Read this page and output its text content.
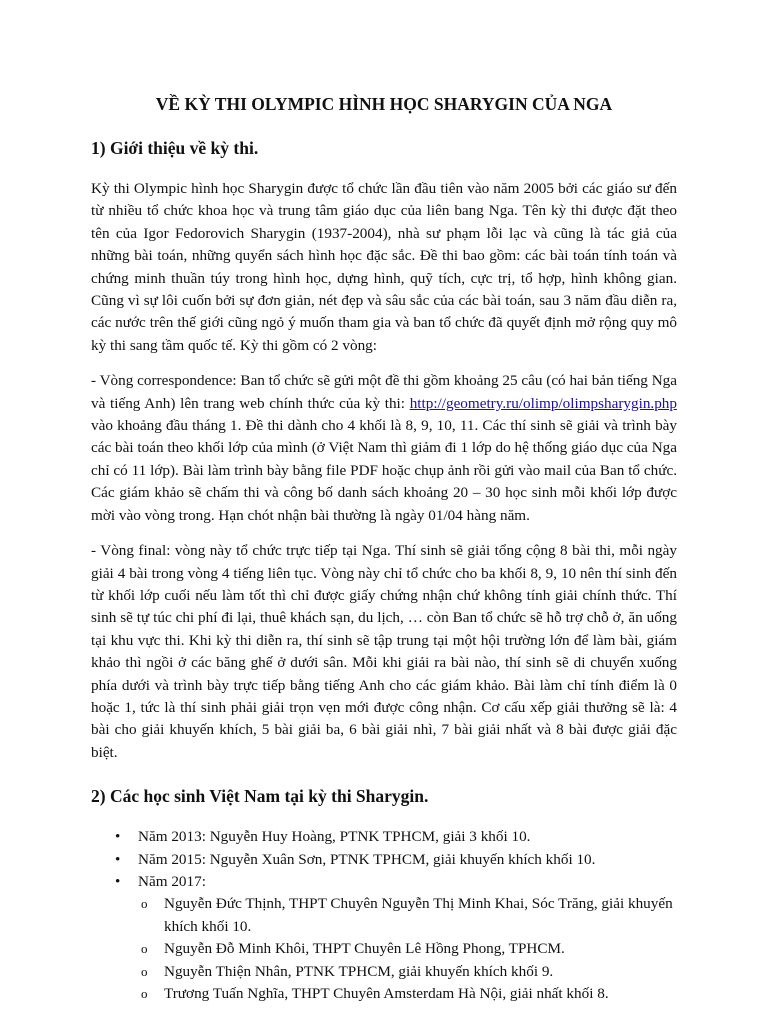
VỀ KỲ THI OLYMPIC HÌNH HỌC SHARYGIN CỦA NGA
1) Giới thiệu về kỳ thi.

Kỳ thi Olympic hình học Sharygin được tổ chức lần đầu tiên vào năm 2005 bởi các giáo sư đến từ nhiều tổ chức khoa học và trung tâm giáo dục của liên bang Nga. Tên kỳ thi được đặt theo tên của Igor Fedorovich Sharygin (1937-2004), nhà sư phạm lỗi lạc và cũng là tác giả của những bài toán, những quyển sách hình học đặc sắc. Đề thi bao gồm: các bài toán tính toán và chứng minh thuần túy trong hình học, dựng hình, quỹ tích, cực trị, tổ hợp, hình không gian. Cũng vì sự lôi cuốn bởi sự đơn giản, nét đẹp và sâu sắc của các bài toán, sau 3 năm đầu diễn ra, các nước trên thế giới cũng ngỏ ý muốn tham gia và ban tổ chức đã quyết định mở rộng quy mô kỳ thi sang tầm quốc tế. Kỳ thi gồm có 2 vòng:

- Vòng correspondence: Ban tổ chức sẽ gửi một đề thi gồm khoảng 25 câu (có hai bản tiếng Nga và tiếng Anh) lên trang web chính thức của kỳ thi: http://geometry.ru/olimp/olimpsharygin.php vào khoảng đầu tháng 1. Đề thi dành cho 4 khối là 8, 9, 10, 11. Các thí sinh sẽ giải và trình bày các bài toán theo khối lớp của mình (ở Việt Nam thì giảm đi 1 lớp do hệ thống giáo dục của Nga chỉ có 11 lớp). Bài làm trình bày bằng file PDF hoặc chụp ảnh rồi gửi vào mail của Ban tổ chức. Các giám khảo sẽ chấm thi và công bố danh sách khoảng 20 – 30 học sinh mỗi khối lớp được mời vào vòng trong. Hạn chót nhận bài thường là ngày 01/04 hàng năm.

- Vòng final: vòng này tổ chức trực tiếp tại Nga. Thí sinh sẽ giải tổng cộng 8 bài thi, mỗi ngày giải 4 bài trong vòng 4 tiếng liên tục. Vòng này chỉ tổ chức cho ba khối 8, 9, 10 nên thí sinh đến từ khối lớp cuối nếu làm tốt thì chỉ được giấy chứng nhận chứ không tính giải chính thức. Thí sinh sẽ tự túc chi phí đi lại, thuê khách sạn, du lịch, … còn Ban tổ chức sẽ hỗ trợ chỗ ở, ăn uống tại khu vực thi. Khi kỳ thi diễn ra, thí sinh sẽ tập trung tại một hội trường lớn để làm bài, giám khảo thì ngồi ở các băng ghế ở dưới sân. Mỗi khi giải ra bài nào, thí sinh sẽ di chuyển xuống phía dưới và trình bày trực tiếp bằng tiếng Anh cho các giám khảo. Bài làm chỉ tính điểm là 0 hoặc 1, tức là thí sinh phải giải trọn vẹn mới được công nhận. Cơ cấu xếp giải thưởng sẽ là: 4 bài cho giải khuyến khích, 5 bài giải ba, 6 bài giải nhì, 7 bài giải nhất và 8 bài được giải đặc biệt.

2) Các học sinh Việt Nam tại kỳ thi Sharygin.
• Năm 2013: Nguyễn Huy Hoàng, PTNK TPHCM, giải 3 khối 10.
• Năm 2015: Nguyễn Xuân Sơn, PTNK TPHCM, giải khuyến khích khối 10.
• Năm 2017:
o Nguyễn Đức Thịnh, THPT Chuyên Nguyễn Thị Minh Khai, Sóc Trăng, giải khuyến khích khối 10.
o Nguyễn Đỗ Minh Khôi, THPT Chuyên Lê Hồng Phong, TPHCM.
o Nguyễn Thiện Nhân, PTNK TPHCM, giải khuyến khích khối 9.
o Trương Tuấn Nghĩa, THPT Chuyên Amsterdam Hà Nội, giải nhất khối 8.
